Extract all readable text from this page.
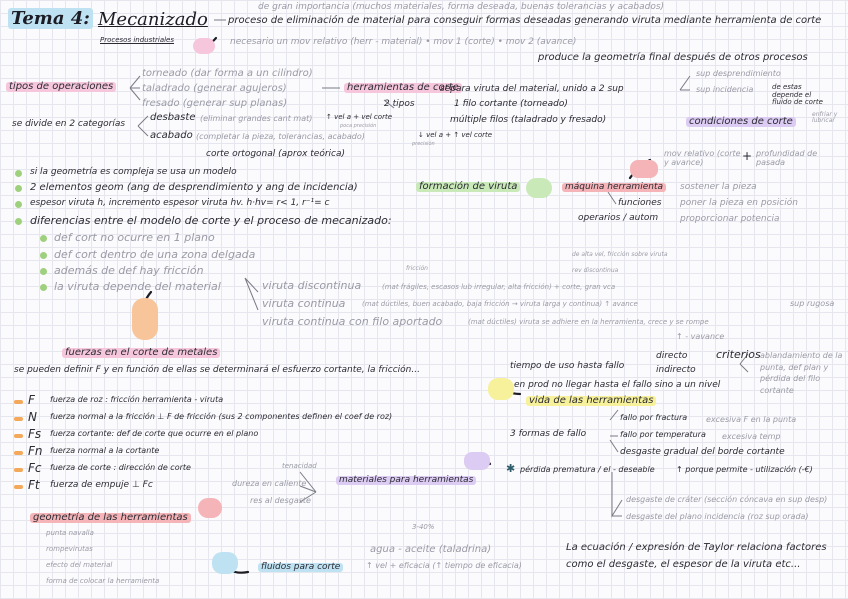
Tema 4: Mecanizado
Procesos industriales
de gran importancia (muchos materiales, forma deseada, buenas tolerancias y acabados)
proceso de eliminación de material para conseguir formas deseadas generando viruta mediante herramienta de corte
necesario un mov relativo (herr - material) • mov 1 (corte) • mov 2 (avance)
produce la geometría final después de otros procesos
tipos de operaciones
torneado (dar forma a un cilindro)
taladrado (generar agujeros)
fresado (generar sup planas)
se divide en 2 categorías
desbaste (eliminar grandes cant mat) ↑ vel a + vel corte
acabado (completar la pieza, tolerancias, acabado)	↓ vel a + ↑ vel corte
corte ortogonal (aprox teórica)
poca precisión
precisión
herramientas de corte
separa viruta del material, unido a 2 sup
sup desprendimiento
sup incidencia
2 tipos	1 filo cortante (torneado)
múltiple filos (taladrado y fresado)
de estas depende el fluido de corte
enfriar y lubricar
condiciones de corte
mov relativo (corte y avance)	+ profundidad de pasada
si la geometría es compleja se usa un modelo
2 elementos geom (ang de desprendimiento y ang de incidencia)
espesor viruta h, incremento espesor viruta hv. h·hv= r< 1, r⁻¹= c
diferencias entre el modelo de corte y el proceso de mecanizado:
def cort no ocurre en 1 plano
def cort dentro de una zona delgada
además de def hay fricción
la viruta depende del material
formación de viruta	máquina herramienta
funciones
sostener la pieza
poner la pieza en posición
proporcionar potencia
operarios / autom
viruta discontinua	(mat frágiles, escasos lub irregular, alta fricción) + corte, gran vca
fricción
de alta vel, fricción sobre viruta
rev discontinua
viruta continua (mat dúctiles, buen acabado, baja fricción → viruta larga y continua) ↑ avance
viruta continua con filo aportado	(mat dúctiles) viruta se adhiere en la herramienta, crece y se rompe
sup rugosa
↑ - vavance
fuerzas en el corte de metales
se pueden definir F y en función de ellas se determinará el esfuerzo cortante, la fricción...
F fuerza de roz : fricción herramienta - viruta
N fuerza normal a la fricción ⊥ F de fricción (sus 2 componentes definen el coef de roz)
Fs fuerza cortante: def de corte que ocurre en el plano
Fn fuerza normal a la cortante
Fc fuerza de corte : dirección de corte
Ft fuerza de empuje ⊥ Fc
directo
indirecto
criterios ablandamiento de la punta, def plan y pérdida del filo cortante
tiempo de uso hasta fallo
en prod no llegar hasta el fallo sino a un nivel
vida de las herramientas
3 formas de fallo
fallo por fractura excesiva F en la punta
fallo por temperatura excesiva temp
desgaste gradual del borde cortante
✱ pérdida prematura / el - deseable	↑ porque permite - utilización (-€)
desgaste de cráter (sección cóncava en sup desp)
desgaste del plano incidencia (roz sup orada)
La ecuación / expresión de Taylor relaciona factores
como el desgaste, el espesor de la viruta etc...
tenacidad
dureza en caliente
res al desgaste
materiales para herramientas
geometría de las herramientas
punta navalla
rompevirutas
efecto del material
forma de colocar la herramienta
fluidos para corte
3-40%
agua - aceite (taladrina)
↑ vel + eficacia (↑ tiempo de eficacia)
